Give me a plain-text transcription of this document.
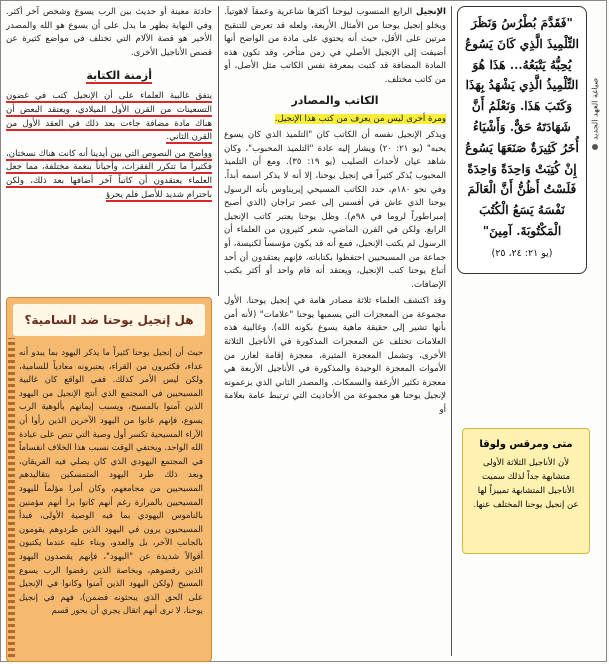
صياغة العهد الجديد
"فَقَدَّمَ بُطْرُسُ وَنَظَرَ التِّلْمِيذَ الَّذِي كَانَ يَسُوعُ يُحِبُّهُ يَتْبَعُهُ... هَذَا هُوَ التِّلْمِيذُ الَّذِي يَشْهَدُ بِهَذَا وَكَتَبَ هَذَا. وَنَعْلَمُ أَنَّ شَهَادَتَهُ حَقٌّ. وَأَشْيَاءُ أُخَرُ كَثِيرَةٌ صَنَعَهَا يَسُوعُ إِنْ كُتِبَتْ وَاحِدَةً وَاحِدَةً فَلَسْتُ أَظُنُّ أَنَّ الْعَالَمَ نَفْسَهُ يَسَعُ الْكُتُبَ الْمَكْتُوبَةَ. آمِينَ"
(يو ٢١: ٢٤، ٢٥)
متى ومرقس ولوقا
لأن الأناجيل الثلاثة الأولى متشابهة جداً لذلك سميت الأناجيل المتشابهة تمييزاً لها عن إنجيل يوحنا المختلف عنها.

الإنجيل الرابع المنسوب ليوحنا أكثرها شاعرية وعمقاً لاهوتياً. ويخلو إنجيل يوحنا من الأمثال الأربعة، ولعله قد تعرض للتنقيح مرتين على الأقل، حيث أنه يحتوي على مادة من الواضح أنها أضيفت إلى الإنجيل الأصلي في زمن متأخر، وقد تكون هذه المادة المضافة قد كتبت بمعرفة نفس الكاتب مثل الأصل، أو من كاتب مختلف.

الكاتب والمصادر

ومرة أخرى ليس من يعرف من كتب هذا الإنجيل.

ويذكر الإنجيل نفسه أن الكاتب كان "التلميذ الذي كان يسوع يحبه" (يو ٢١: ٢٠) ويشار إليه عادة "التلميذ المحبوب"، وكان شاهد عيان لأحداث الصليب (يو ١٩: ٣٥). ومع أن التلميذ المحبوب يُذكر كثيراً في إنجيل يوحنا، إلا أنه لا يذكر اسمه أبداً. وفي نحو ١٨٠م، حدد الكاتب المسيحي إيريناوس بأنه الرسول يوحنا الذي عاش في أفسس إلى عصر تراجان (الذي أصبح إمبراطوراً لروما في ٩٨م). وظل يوحنا يعتبر كاتب الإنجيل الرابع. ولكن في القرن الماضي، شعر كثيرون من العلماء أن الرسول لم يكتب الإنجيل، فمع أنه قد يكون مؤسساً لكنيسة، أو جماعة من المسيحيين احتفظوا بكتاباته، فإنهم يعتقدون أن أحد أتباع يوحنا كتب الإنجيل، ويعتقد أنه قام واحد أو أكثر بكتب الإضافات.

وقد اكتشف العلماء ثلاثة مصادر هامة في إنجيل يوحنا. الأول مجموعة من المعجزات التي يسميها يوحنا "علامات" (لأنه أمن بأنها تشير إلى حقيقة ماهية يسوع بكونه الله). وغالبية هذه العلامات تختلف عن المعجزات المذكورة في الأناجيل الثلاثة الأخرى، وتشمل المعجزة المثيرة، معجزة إقامة لعازر من الأموات المعجزة الوحيدة والمذكورة في الأناجيل الأربعة هي معجزة تكثير الأرغفة والسمكات. والمصدر الثاني الذي يزعمونه لإنجيل يوحنا هو مجموعة من الأحاديث التي ترتبط عامة بعلامة أو

حادثة معينة أو حديث بين الرب يسوع وشخص آخر أكثر. وفي النهاية يظهر ما يدل على أن يسوع هو الله والمصدر الأخير هو قصة الآلام التي تختلف في مواضع كثيرة عن قصص الأناجيل الأخرى.

أزمنة الكتابة

يتفق غالبية العلماء على أن الإنجيل كتب في غضون التسعينات من القرن الأول الميلادي، ويعتقد البعض أن هناك مادة مضافة جاءت بعد ذلك في العقد الأول من القرن الثاني.

وواضح من النصوص التي بين أيدينا أنه كانت هناك نسختان، فكثيراً ما تتكرر الفقرات، وأحياناً بنغمة مختلفة، مما جعل العلماء يعتقدون أن كاتباً آخر أضافها بعد ذلك، ولكن باحترام شديد للأصل فلم يحرؤ

هل إنجيل يوحنا ضد السامية؟

حيث أن إنجيل يوحنا كثيراً ما يذكر اليهود بما يبدو أنه عداء، فكثيرون من القراء، يعتبرونه معادياً للسامية، ولكن ليس الأمر كذلك. ففي الواقع كان غالبية المسيحيين في المجتمع الذي أنتج الإنجيل من اليهود الذين آمنوا بالمسيح، ويسبب إيمانهم بألوهية الرب يسوع، فإنهم عانوا من اليهود الآخرين الذين رأوا أن الآراء المسيحية تكسر أول وصية التي تنص على عبادة الله الواحد. ويختفي الوقت نسبب هذا الخلاف انقساماً في المجتمع اليهودي الذي كان يصلي فيه الفريقان، وبعد ذلك طرد اليهود المتمسكين بتقاليدهم المسيحيين من مجامعهم، وكان أمرا مؤلماً لليهود المسيحيين بالمرارة رغم أنهم كانوا يرا أنهم مؤمنين بالناموس اليهودي بما فيه الوصية الأولى، فبدأ المسيحيون يرون في اليهود الذين طردوهم يقومون بالجانب الآخر، بل والعدو، وبناء عليه عندما يكتبون أقوالاً شديدة عن "اليهود"، فإنهم يقصدون اليهود الذين رفضوهم، وبخاصة الذين رفضوا الرب يسوع المسيح (ولكن اليهود الذين آمنوا وكانوا في الإنجيل على الحق الذي يبحثونه فضمن)، فهم في إنجيل يوحنا، لا نرى أنهم اتقال يجري أن يحور قسم
